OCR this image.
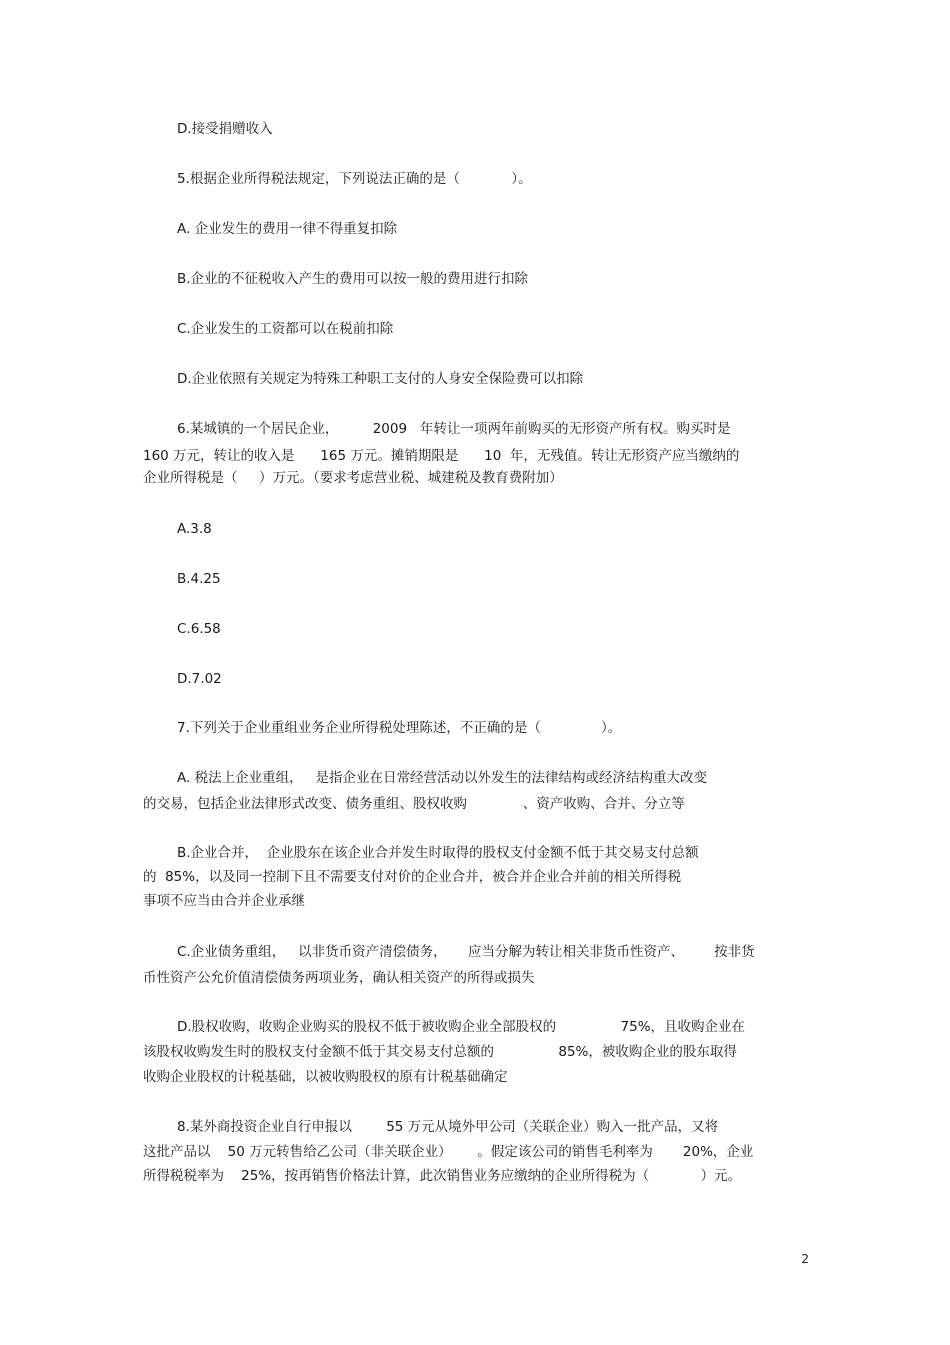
D.接受捐赠收入
5.根据企业所得税法规定，下列说法正确的是（            ）。
A. 企业发生的费用一律不得重复扣除
B.企业的不征税收入产生的费用可以按一般的费用进行扣除
C.企业发生的工资都可以在税前扣除
D.企业依照有关规定为特殊工种职工支付的人身安全保险费可以扣除
6.某城镇的一个居民企业，        2009   年转让一项两年前购买的无形资产所有权。购买时是
160 万元，转让的收入是      165 万元。摊销期限是      10  年，无残值。转让无形资产应当缴纳的
企业所得税是（     ）万元。（要求考虑营业税、城建税及教育费附加）
A.3.8
B.4.25
C.6.58
D.7.02
7.下列关于企业重组业务企业所得税处理陈述，不正确的是（              ）。
A. 税法上企业重组，   是指企业在日常经营活动以外发生的法律结构或经济结构重大改变
的交易，包括企业法律形式改变、债务重组、股权收购             、资产收购、合并、分立等
B.企业合并，  企业股东在该企业合并发生时取得的股权支付金额不低于其交易支付总额
的  85%，以及同一控制下且不需要支付对价的企业合并，被合并企业合并前的相关所得税
事项不应当由合并企业承继
C.企业债务重组，   以非货币资产清偿债务，     应当分解为转让相关非货币性资产、       按非货
币性资产公允价值清偿债务两项业务，确认相关资产的所得或损失
D.股权收购，收购企业购买的股权不低于被收购企业全部股权的               75%，且收购企业在
该股权收购发生时的股权支付金额不低于其交易支付总额的               85%，被收购企业的股东取得
收购企业股权的计税基础，以被收购股权的原有计税基础确定
8.某外商投资企业自行申报以        55 万元从境外甲公司（关联企业）购入一批产品，又将
这批产品以    50 万元转售给乙公司（非关联企业）      。假定该公司的销售毛利率为       20%，企业
所得税税率为    25%，按再销售价格法计算，此次销售业务应缴纳的企业所得税为（            ）元。
2
